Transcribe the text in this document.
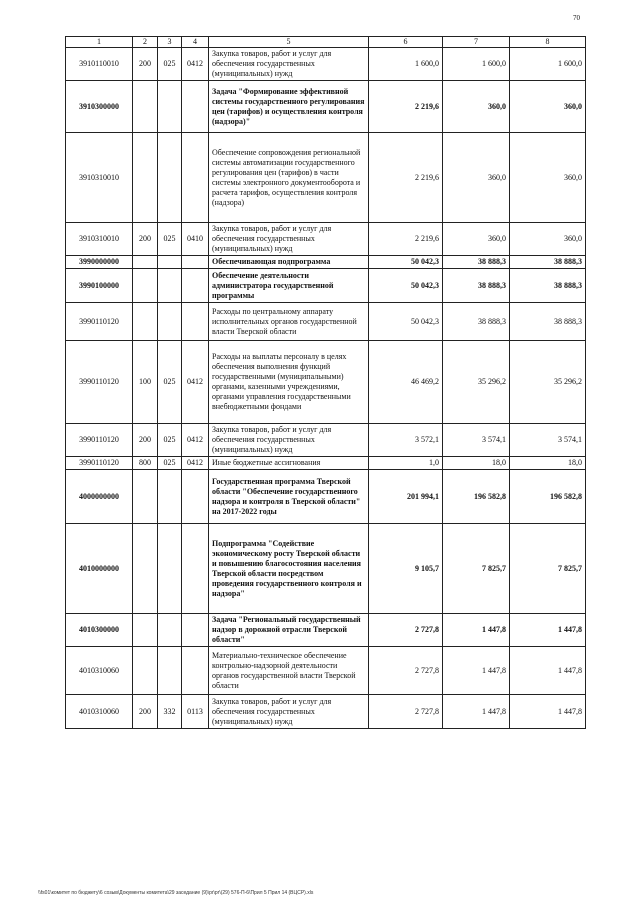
70
1	2	3	4	5	6	7	8
3910110010	200	025	0412	Закупка товаров, работ и услуг для обеспечения государственных (муниципальных) нужд	1 600,0	1 600,0	1 600,0
3910300000				Задача "Формирование эффективной системы государственного регулирования цен (тарифов) и осуществления контроля (надзора)"	2 219,6	360,0	360,0
3910310010				Обеспечение сопровождения региональной системы автоматизации государственного регулирования цен (тарифов) в части системы электронного документооборота и расчета тарифов, осуществления контроля (надзора)	2 219,6	360,0	360,0
3910310010	200	025	0410	Закупка товаров, работ и услуг для обеспечения государственных (муниципальных) нужд	2 219,6	360,0	360,0
3990000000				Обеспечивающая подпрограмма	50 042,3	38 888,3	38 888,3
3990100000				Обеспечение деятельности администратора государственной программы	50 042,3	38 888,3	38 888,3
3990110120				Расходы по центральному аппарату исполнительных органов государственной власти Тверской области	50 042,3	38 888,3	38 888,3
3990110120	100	025	0412	Расходы на выплаты персоналу в целях обеспечения выполнения функций государственными (муниципальными) органами, казенными учреждениями, органами управления государственными внебюджетными фондами	46 469,2	35 296,2	35 296,2
3990110120	200	025	0412	Закупка товаров, работ и услуг для обеспечения государственных (муниципальных) нужд	3 572,1	3 574,1	3 574,1
3990110120	800	025	0412	Иные бюджетные ассигнования	1,0	18,0	18,0
4000000000				Государственная программа Тверской области "Обеспечение государственного надзора и контроля в Тверской области" на 2017-2022 годы	201 994,1	196 582,8	196 582,8
4010000000				Подпрограмма "Содействие экономическому росту Тверской области и повышению благосостояния населения Тверской области посредством проведения государственного контроля и надзора"	9 105,7	7 825,7	7 825,7
4010300000				Задача "Региональный государственный надзор в дорожной отрасли Тверской области"	2 727,8	1 447,8	1 447,8
4010310060				Материально-техническое обеспечение контрольно-надзорной деятельности органов государственной власти Тверской области	2 727,8	1 447,8	1 447,8
4010310060	200	332	0113	Закупка товаров, работ и услуг для обеспечения государственных (муниципальных) нужд	2 727,8	1 447,8	1 447,8
\\fs01\комитет по бюджету\6 созыв\Документы комитета\29 заседание (9)\pr\pr\(29) 576-П-6\Прил 5 Прил 14 (ВЦСР).xls
